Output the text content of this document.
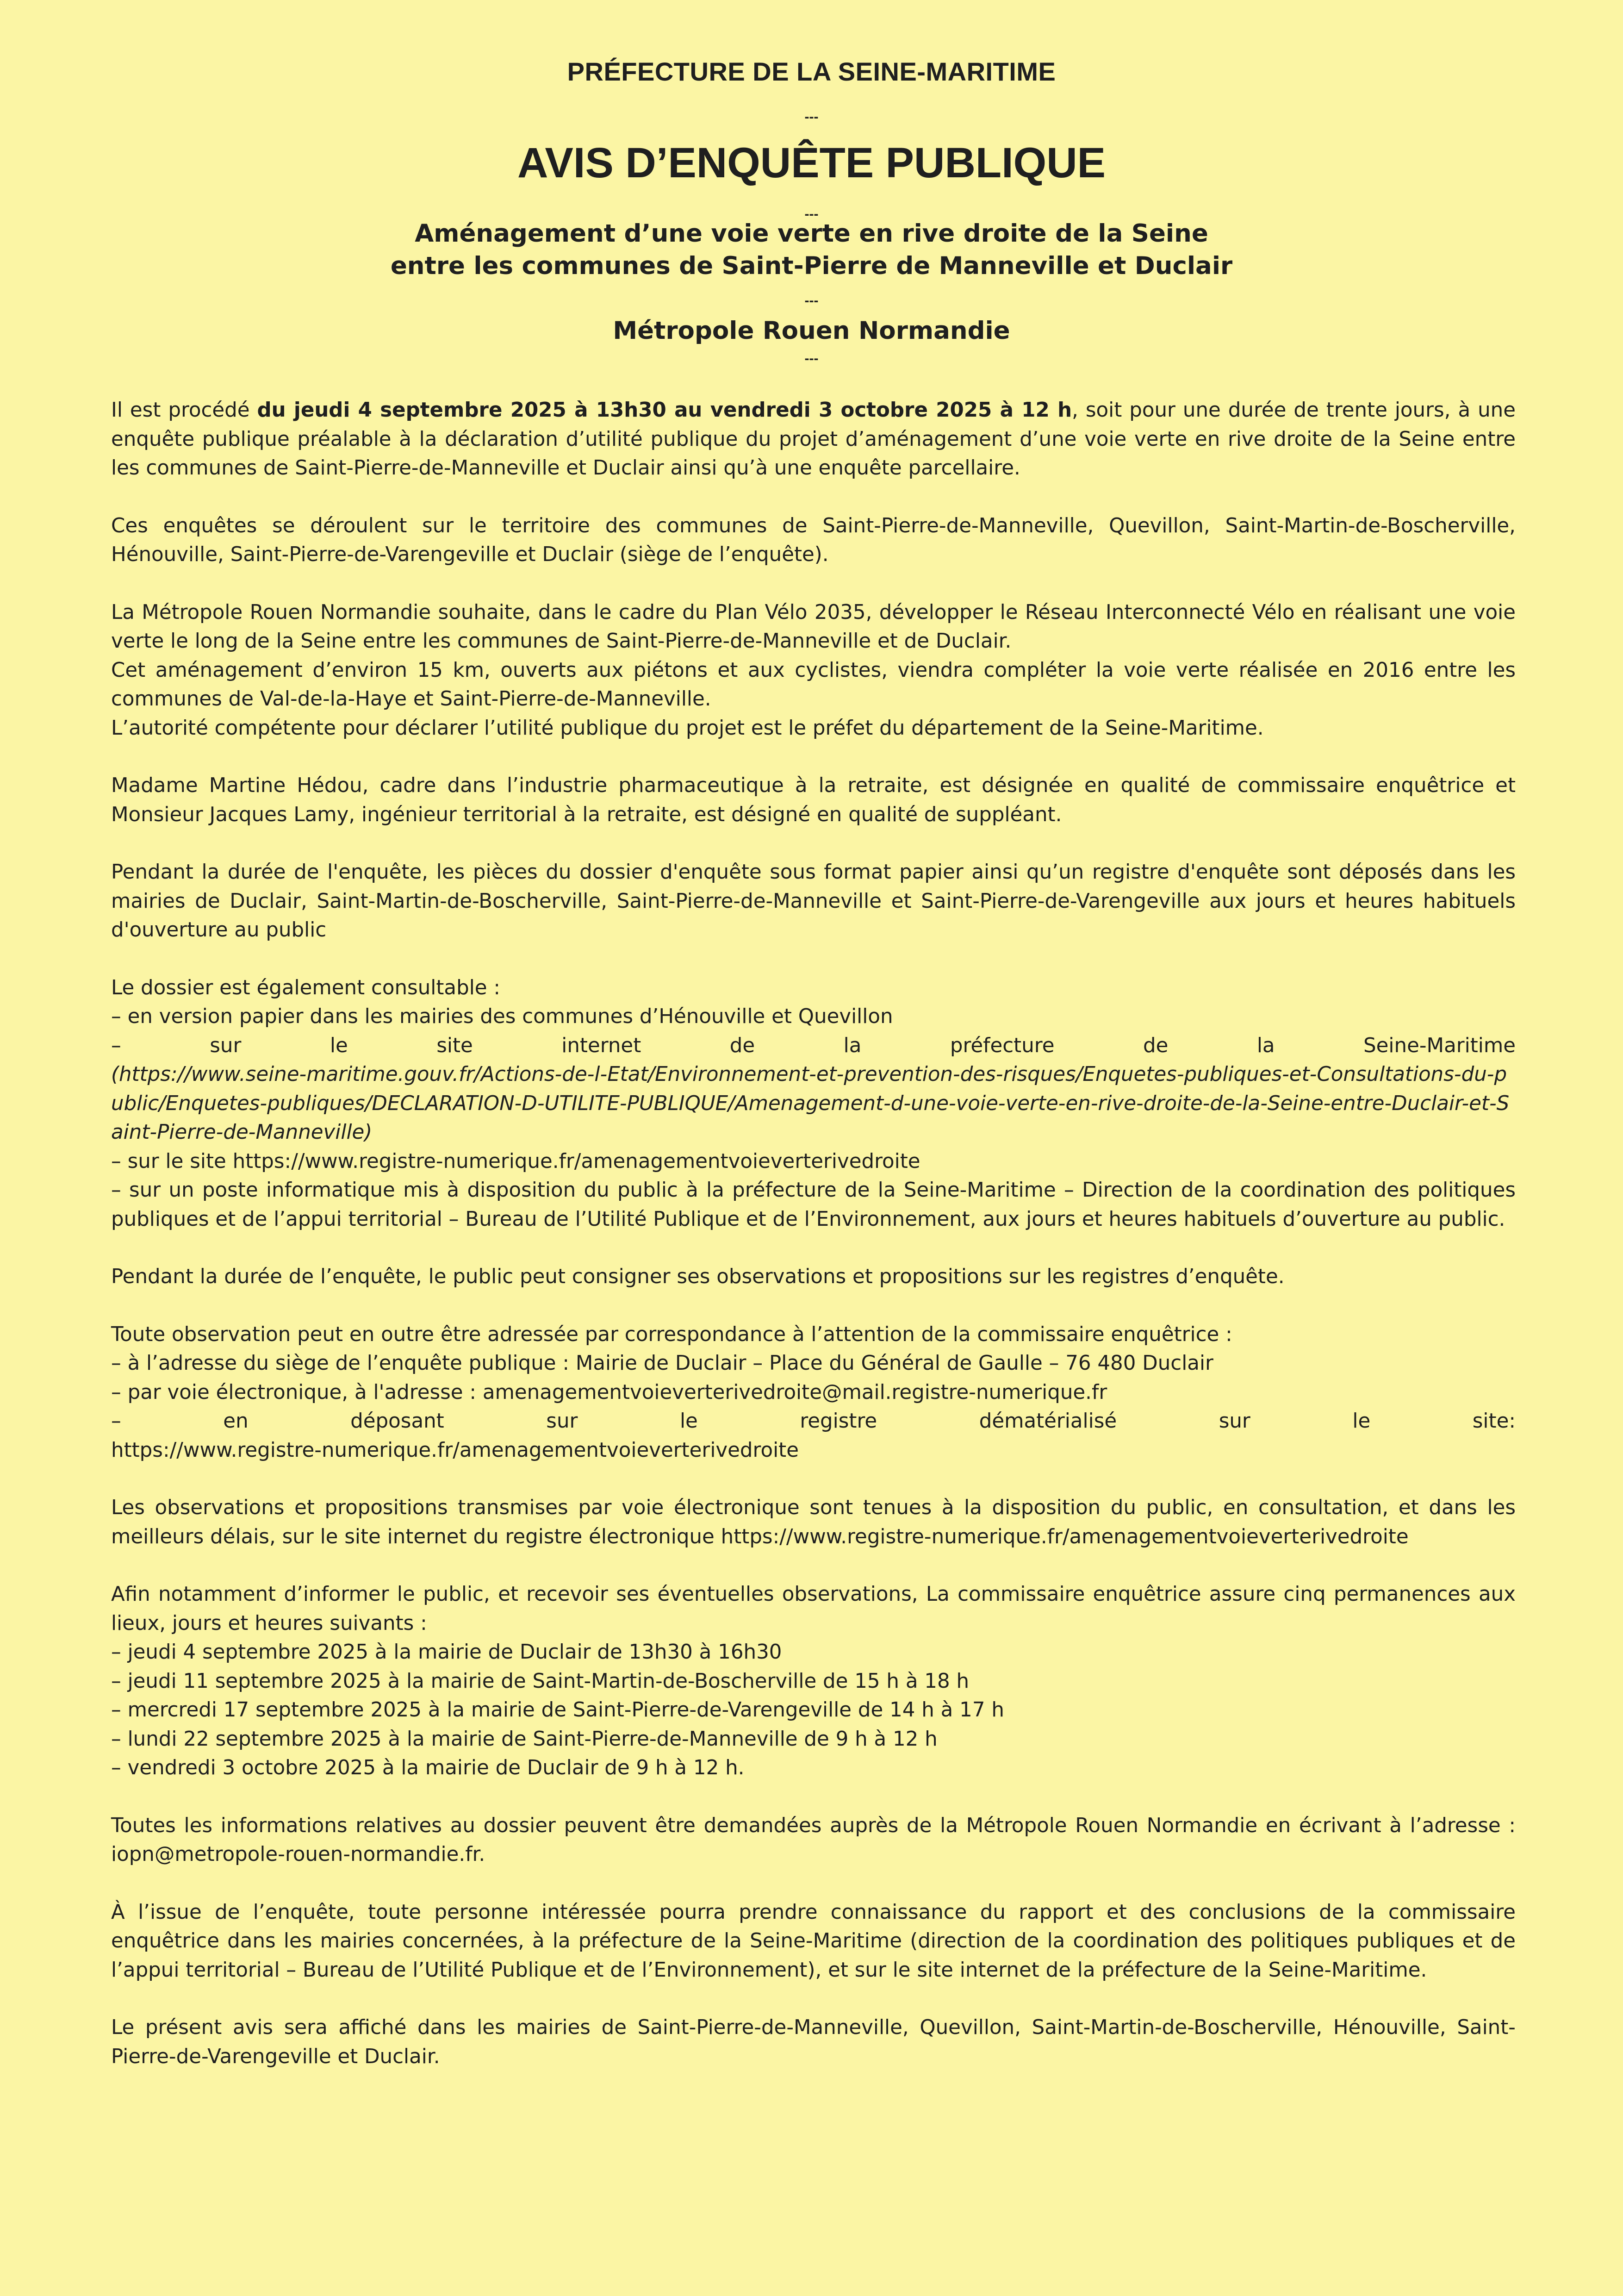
PRÉFECTURE DE LA SEINE-MARITIME
---
AVIS D’ENQUÊTE PUBLIQUE
---
Aménagement d’une voie verte en rive droite de la Seine
entre les communes de Saint-Pierre de Manneville et Duclair
---
Métropole Rouen Normandie
---

Il est procédé du jeudi 4 septembre 2025 à 13h30 au vendredi 3 octobre 2025 à 12 h, soit pour une durée de trente jours, à une enquête publique préalable à la déclaration d’utilité publique du projet d’aménagement d’une voie verte en rive droite de la Seine entre les communes de Saint-Pierre-de-Manneville et Duclair ainsi qu’à une enquête parcellaire.

Ces enquêtes se déroulent sur le territoire des communes de Saint-Pierre-de-Manneville, Quevillon, Saint-Martin-de-Boscherville, Hénouville, Saint-Pierre-de-Varengeville et Duclair (siège de l’enquête).

La Métropole Rouen Normandie souhaite, dans le cadre du Plan Vélo 2035, développer le Réseau Interconnecté Vélo en réalisant une voie verte le long de la Seine entre les communes de Saint-Pierre-de-Manneville et de Duclair.
Cet aménagement d’environ 15 km, ouverts aux piétons et aux cyclistes, viendra compléter la voie verte réalisée en 2016 entre les communes de Val-de-la-Haye et Saint-Pierre-de-Manneville.
L’autorité compétente pour déclarer l’utilité publique du projet est le préfet du département de la Seine-Maritime.

Madame Martine Hédou, cadre dans l’industrie pharmaceutique à la retraite, est désignée en qualité de commissaire enquêtrice et Monsieur Jacques Lamy, ingénieur territorial à la retraite, est désigné en qualité de suppléant.

Pendant la durée de l'enquête, les pièces du dossier d'enquête sous format papier ainsi qu’un registre d'enquête sont déposés dans les mairies de Duclair, Saint-Martin-de-Boscherville, Saint-Pierre-de-Manneville et Saint-Pierre-de-Varengeville aux jours et heures habituels d'ouverture au public

Le dossier est également consultable :
– en version papier dans les mairies des communes d’Hénouville et Quevillon
– sur le site internet de la préfecture de la Seine-Maritime
(https://www.seine-maritime.gouv.fr/Actions-de-l-Etat/Environnement-et-prevention-des-risques/Enquetes-publiques-et-Consultations-du-public/Enquetes-publiques/DECLARATION-D-UTILITE-PUBLIQUE/Amenagement-d-une-voie-verte-en-rive-droite-de-la-Seine-entre-Duclair-et-Saint-Pierre-de-Manneville)
– sur le site https://www.registre-numerique.fr/amenagementvoieverterivedroite
– sur un poste informatique mis à disposition du public à la préfecture de la Seine-Maritime – Direction de la coordination des politiques publiques et de l’appui territorial – Bureau de l’Utilité Publique et de l’Environnement, aux jours et heures habituels d’ouverture au public.

Pendant la durée de l’enquête, le public peut consigner ses observations et propositions sur les registres d’enquête.

Toute observation peut en outre être adressée par correspondance à l’attention de la commissaire enquêtrice :
– à l’adresse du siège de l’enquête publique : Mairie de Duclair – Place du Général de Gaulle – 76 480 Duclair
– par voie électronique, à l'adresse : amenagementvoieverterivedroite@mail.registre-numerique.fr
– en déposant sur le registre dématérialisé sur le site:
https://www.registre-numerique.fr/amenagementvoieverterivedroite

Les observations et propositions transmises par voie électronique sont tenues à la disposition du public, en consultation, et dans les meilleurs délais, sur le site internet du registre électronique https://www.registre-numerique.fr/amenagementvoieverterivedroite

Afin notamment d’informer le public, et recevoir ses éventuelles observations, La commissaire enquêtrice assure cinq permanences aux lieux, jours et heures suivants :
– jeudi 4 septembre 2025 à la mairie de Duclair de 13h30 à 16h30
– jeudi 11 septembre 2025 à la mairie de Saint-Martin-de-Boscherville de 15 h à 18 h
– mercredi 17 septembre 2025 à la mairie de Saint-Pierre-de-Varengeville de 14 h à 17 h
– lundi 22 septembre 2025 à la mairie de Saint-Pierre-de-Manneville de 9 h à 12 h
– vendredi 3 octobre 2025 à la mairie de Duclair de 9 h à 12 h.

Toutes les informations relatives au dossier peuvent être demandées auprès de la Métropole Rouen Normandie en écrivant à l’adresse : iopn@metropole-rouen-normandie.fr.

À l’issue de l’enquête, toute personne intéressée pourra prendre connaissance du rapport et des conclusions de la commissaire enquêtrice dans les mairies concernées, à la préfecture de la Seine-Maritime (direction de la coordination des politiques publiques et de l’appui territorial – Bureau de l’Utilité Publique et de l’Environnement), et sur le site internet de la préfecture de la Seine-Maritime.

Le présent avis sera affiché dans les mairies de Saint-Pierre-de-Manneville, Quevillon, Saint-Martin-de-Boscherville, Hénouville, Saint-Pierre-de-Varengeville et Duclair.
